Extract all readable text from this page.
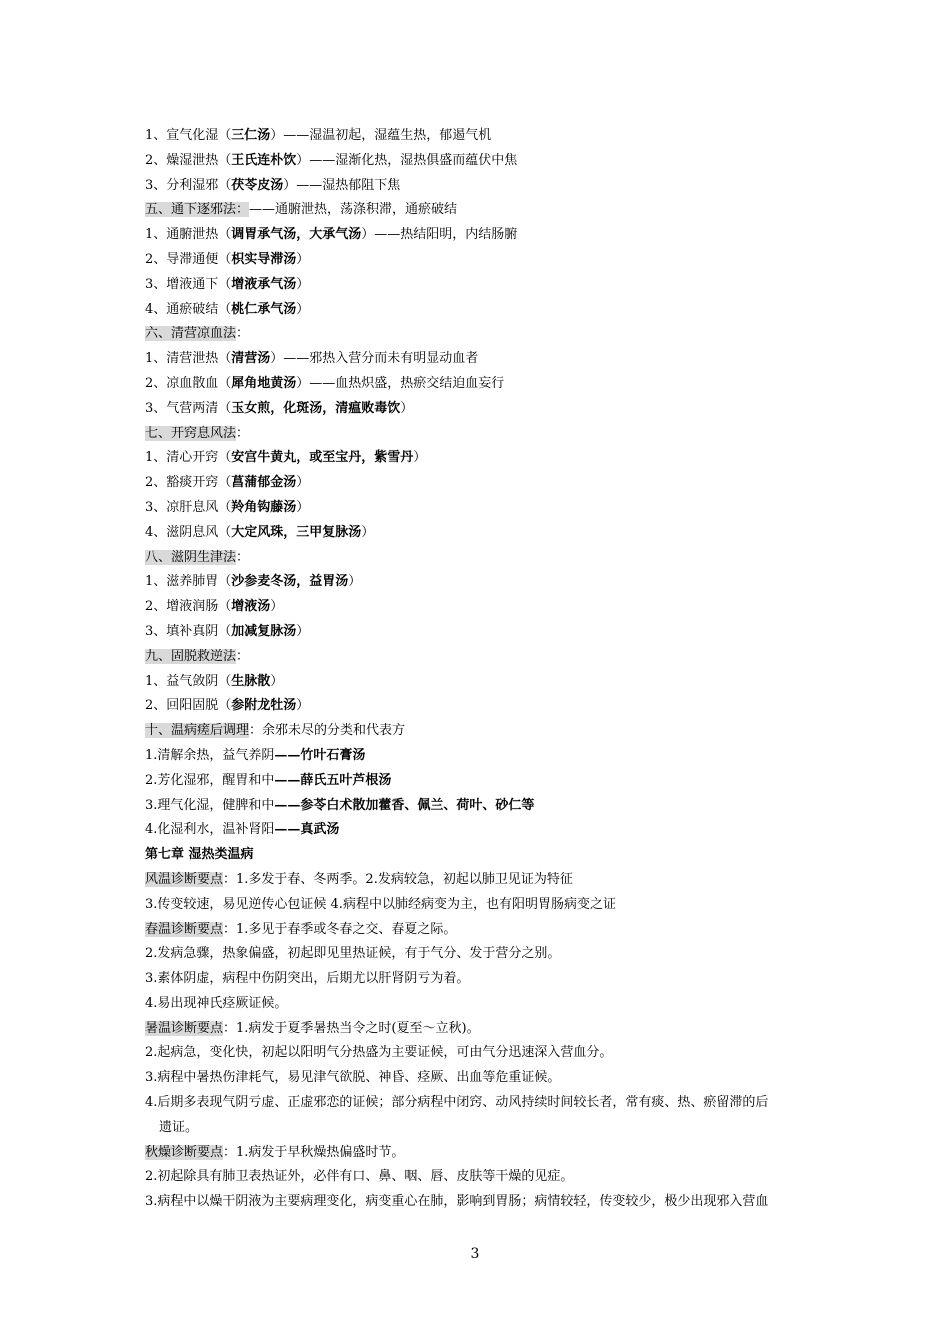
1、宣气化湿（三仁汤）——湿温初起，湿蕴生热，郁遏气机
2、燥湿泄热（王氏连朴饮）——湿渐化热，湿热俱盛而蕴伏中焦
3、分利湿邪（茯苓皮汤）——湿热郁阻下焦
五、通下逐邪法：——通腑泄热，荡涤积滞，通瘀破结
1、通腑泄热（调胃承气汤，大承气汤）——热结阳明，内结肠腑
2、导滞通便（枳实导滞汤）
3、增液通下（增液承气汤）
4、通瘀破结（桃仁承气汤）
六、清营凉血法：
1、清营泄热（清营汤）——邪热入营分而未有明显动血者
2、凉血散血（犀角地黄汤）——血热炽盛，热瘀交结迫血妄行
3、气营两清（玉女煎，化斑汤，清瘟败毒饮）
七、开窍息风法：
1、清心开窍（安宫牛黄丸，或至宝丹，紫雪丹）
2、豁痰开窍（菖蒲郁金汤）
3、凉肝息风（羚角钩藤汤）
4、滋阴息风（大定风珠，三甲复脉汤）
八、滋阴生津法：
1、滋养肺胃（沙参麦冬汤，益胃汤）
2、增液润肠（增液汤）
3、填补真阴（加减复脉汤）
九、固脱救逆法：
1、益气敛阴（生脉散）
2、回阳固脱（参附龙牡汤）
十、温病瘥后调理：余邪未尽的分类和代表方
1.清解余热，益气养阴——竹叶石膏汤
2.芳化湿邪，醒胃和中——薛氏五叶芦根汤
3.理气化湿，健脾和中——参苓白术散加藿香、佩兰、荷叶、砂仁等
4.化湿利水，温补肾阳——真武汤
第七章 湿热类温病
风温诊断要点：1.多发于春、冬两季。2.发病较急，初起以肺卫见证为特征
3.传变较速，易见逆传心包证候 4.病程中以肺经病变为主，也有阳明胃肠病变之证
春温诊断要点：1.多见于春季或冬春之交、春夏之际。
2.发病急骤，热象偏盛，初起即见里热证候，有于气分、发于营分之别。
3.素体阴虚，病程中伤阴突出，后期尤以肝肾阴亏为着。
4.易出现神氏痉厥证候。
暑温诊断要点：1.病发于夏季暑热当令之时(夏至～立秋)。
2.起病急，变化快，初起以阳明气分热盛为主要证候，可由气分迅速深入营血分。
3.病程中暑热伤津耗气，易见津气欲脱、神昏、痉厥、出血等危重证候。
4.后期多表现气阴亏虚、正虚邪恋的证候；部分病程中闭窍、动风持续时间较长者，常有痰、热、瘀留滞的后
遗证。
秋燥诊断要点：1.病发于早秋燥热偏盛时节。
2.初起除具有肺卫表热证外，必伴有口、鼻、咽、唇、皮肤等干燥的见症。
3.病程中以燥干阴液为主要病理变化，病变重心在肺，影响到胃肠；病情较轻，传变较少，极少出现邪入营血
3
